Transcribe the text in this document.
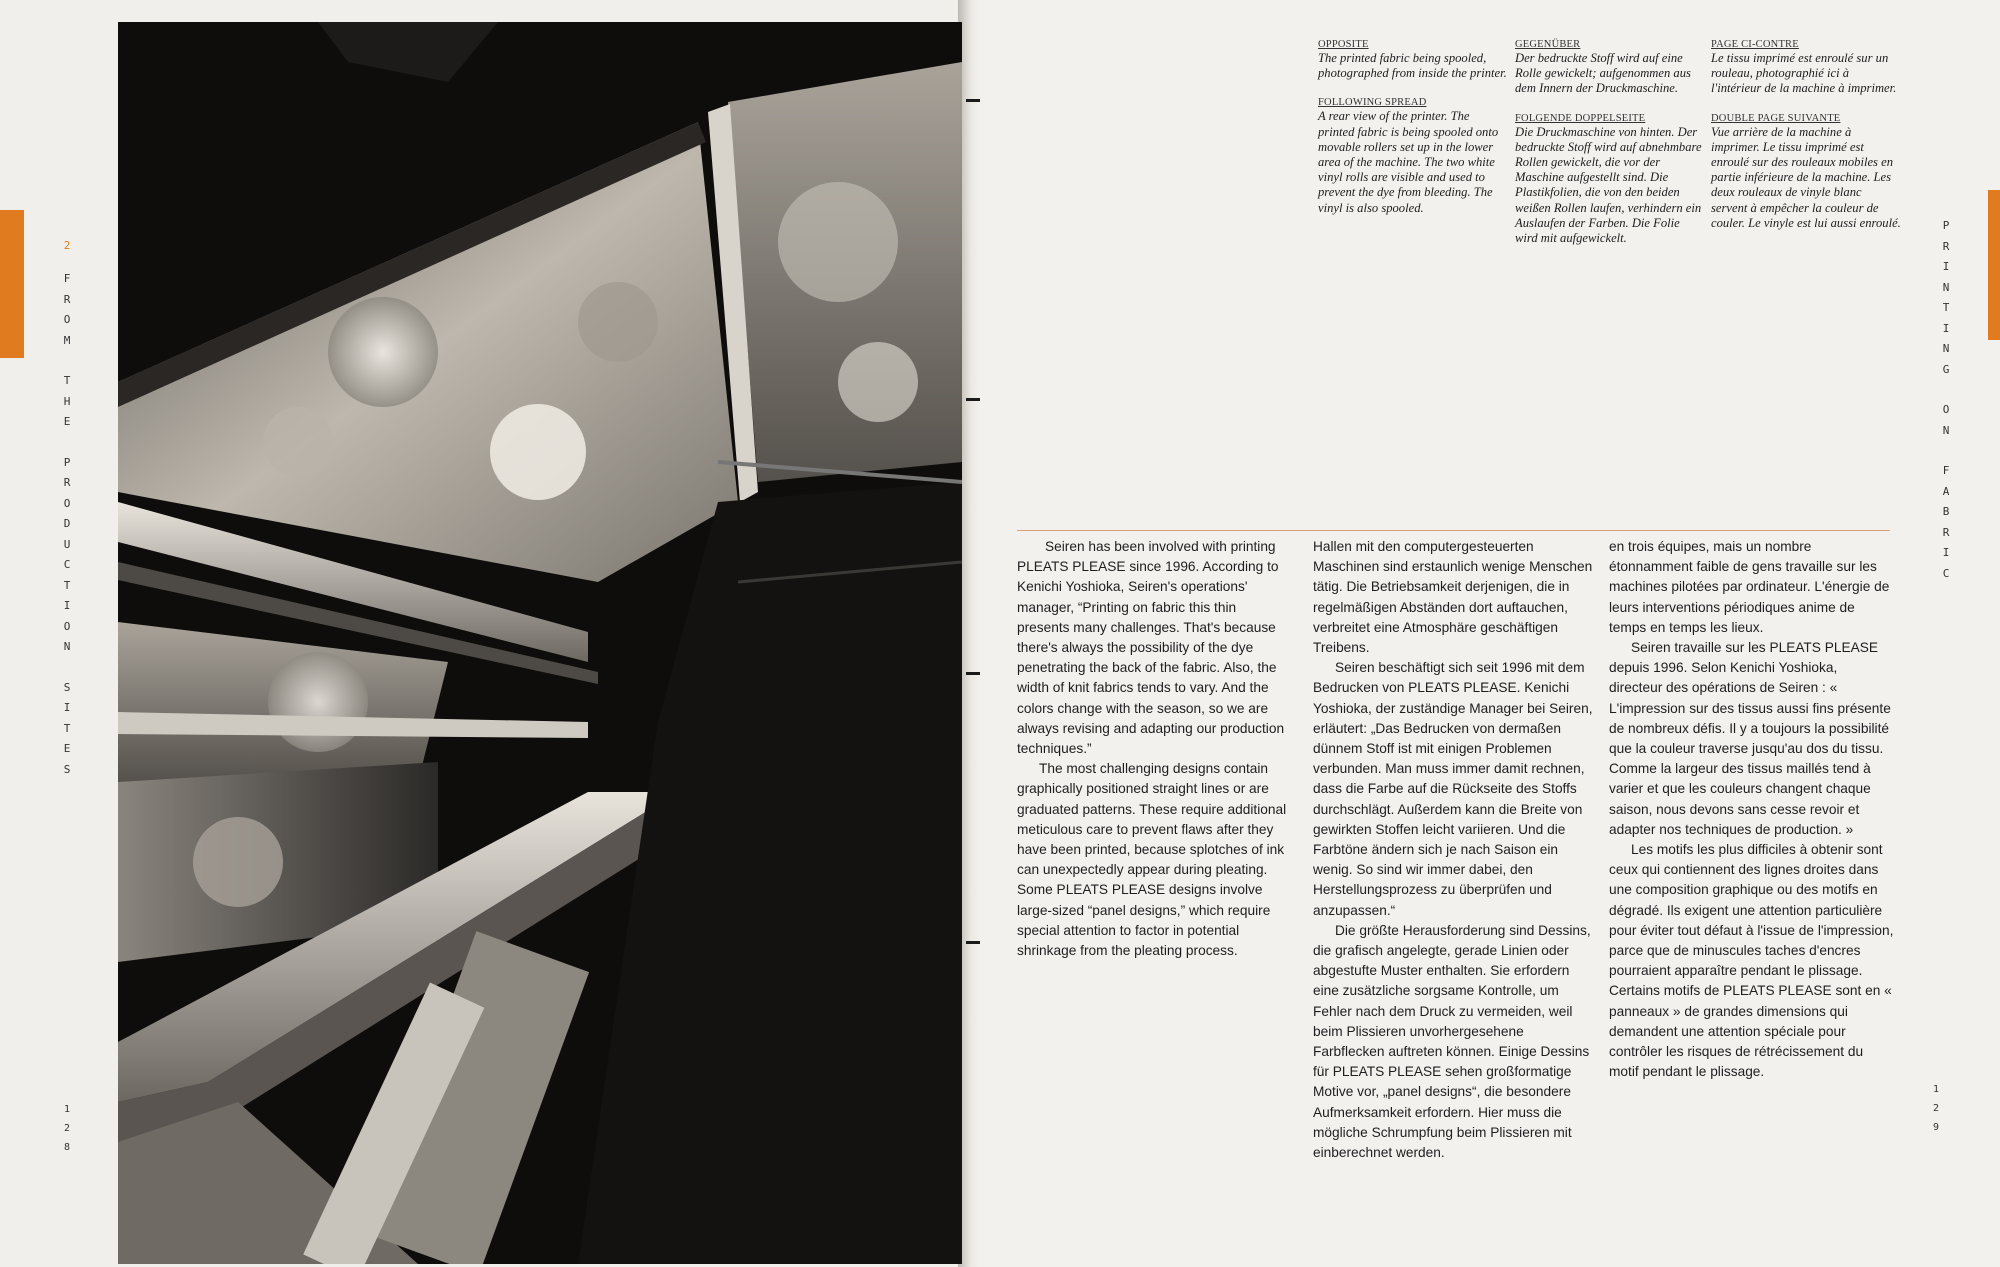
2
F
R
O
M
T
H
E
P
R
O
D
U
C
T
I
O
N
S
I
T
E
S
1
2
8
P
R
I
N
T
I
N
G
O
N
F
A
B
R
I
C
1
2
9
OPPOSITE
The printed fabric being spooled, photographed from inside the printer.
FOLLOWING SPREAD
A rear view of the printer. The printed fabric is being spooled onto movable rollers set up in the lower area of the machine. The two white vinyl rolls are visible and used to prevent the dye from bleeding. The vinyl is also spooled.
GEGENÜBER
Der bedruckte Stoff wird auf eine Rolle gewickelt; aufgenommen aus dem Innern der Druckmaschine.
FOLGENDE DOPPELSEITE
Die Druckmaschine von hinten. Der bedruckte Stoff wird auf abnehmbare Rollen gewickelt, die vor der Maschine aufgestellt sind. Die Plastikfolien, die von den beiden weißen Rollen laufen, verhindern ein Auslaufen der Farben. Die Folie wird mit aufgewickelt.
PAGE CI-CONTRE
Le tissu imprimé est enroulé sur un rouleau, photographié ici à l'intérieur de la machine à imprimer.
DOUBLE PAGE SUIVANTE
Vue arrière de la machine à imprimer. Le tissu imprimé est enroulé sur des rouleaux mobiles en partie inférieure de la machine. Les deux rouleaux de vinyle blanc servent à empêcher la couleur de couler. Le vinyle est lui aussi enroulé.

Seiren has been involved with printing PLEATS PLEASE since 1996. According to Kenichi Yoshioka, Seiren's operations' manager, “Printing on fabric this thin presents many challenges. That's because there's always the possibility of the dye penetrating the back of the fabric. Also, the width of knit fabrics tends to vary. And the colors change with the season, so we are always revising and adapting our production techniques.”

The most challenging designs contain graphically positioned straight lines or are graduated patterns. These require additional meticulous care to prevent flaws after they have been printed, because splotches of ink can unexpectedly appear during pleating. Some PLEATS PLEASE designs involve large-sized “panel designs,” which require special attention to factor in potential shrinkage from the pleating process.

Hallen mit den computergesteuerten Maschinen sind erstaunlich wenige Menschen tätig. Die Betriebsamkeit derjenigen, die in regelmäßigen Abständen dort auftauchen, verbreitet eine Atmosphäre geschäftigen Treibens.

Seiren beschäftigt sich seit 1996 mit dem Bedrucken von PLEATS PLEASE. Kenichi Yoshioka, der zuständige Manager bei Seiren, erläutert: „Das Bedrucken von dermaßen dünnem Stoff ist mit einigen Problemen verbunden. Man muss immer damit rechnen, dass die Farbe auf die Rückseite des Stoffs durchschlägt. Außerdem kann die Breite von gewirkten Stoffen leicht variieren. Und die Farbtöne ändern sich je nach Saison ein wenig. So sind wir immer dabei, den Herstellungsprozess zu überprüfen und anzupassen.“

Die größte Herausforderung sind Dessins, die grafisch angelegte, gerade Linien oder abgestufte Muster enthalten. Sie erfordern eine zusätzliche sorgsame Kontrolle, um Fehler nach dem Druck zu vermeiden, weil beim Plissieren unvorhergesehene Farbflecken auftreten können. Einige Dessins für PLEATS PLEASE sehen großformatige Motive vor, „panel designs“, die besondere Aufmerksamkeit erfordern. Hier muss die mögliche Schrumpfung beim Plissieren mit einberechnet werden.

en trois équipes, mais un nombre étonnamment faible de gens travaille sur les machines pilotées par ordinateur. L'énergie de leurs interventions périodiques anime de temps en temps les lieux.

Seiren travaille sur les PLEATS PLEASE depuis 1996. Selon Kenichi Yoshioka, directeur des opérations de Seiren : « L'impression sur des tissus aussi fins présente de nombreux défis. Il y a toujours la possibilité que la couleur traverse jusqu'au dos du tissu. Comme la largeur des tissus maillés tend à varier et que les couleurs changent chaque saison, nous devons sans cesse revoir et adapter nos techniques de production. »

Les motifs les plus difficiles à obtenir sont ceux qui contiennent des lignes droites dans une composition graphique ou des motifs en dégradé. Ils exigent une attention particulière pour éviter tout défaut à l'issue de l'impression, parce que de minuscules taches d'encres pourraient apparaître pendant le plissage. Certains motifs de PLEATS PLEASE sont en « panneaux » de grandes dimensions qui demandent une attention spéciale pour contrôler les risques de rétrécissement du motif pendant le plissage.
